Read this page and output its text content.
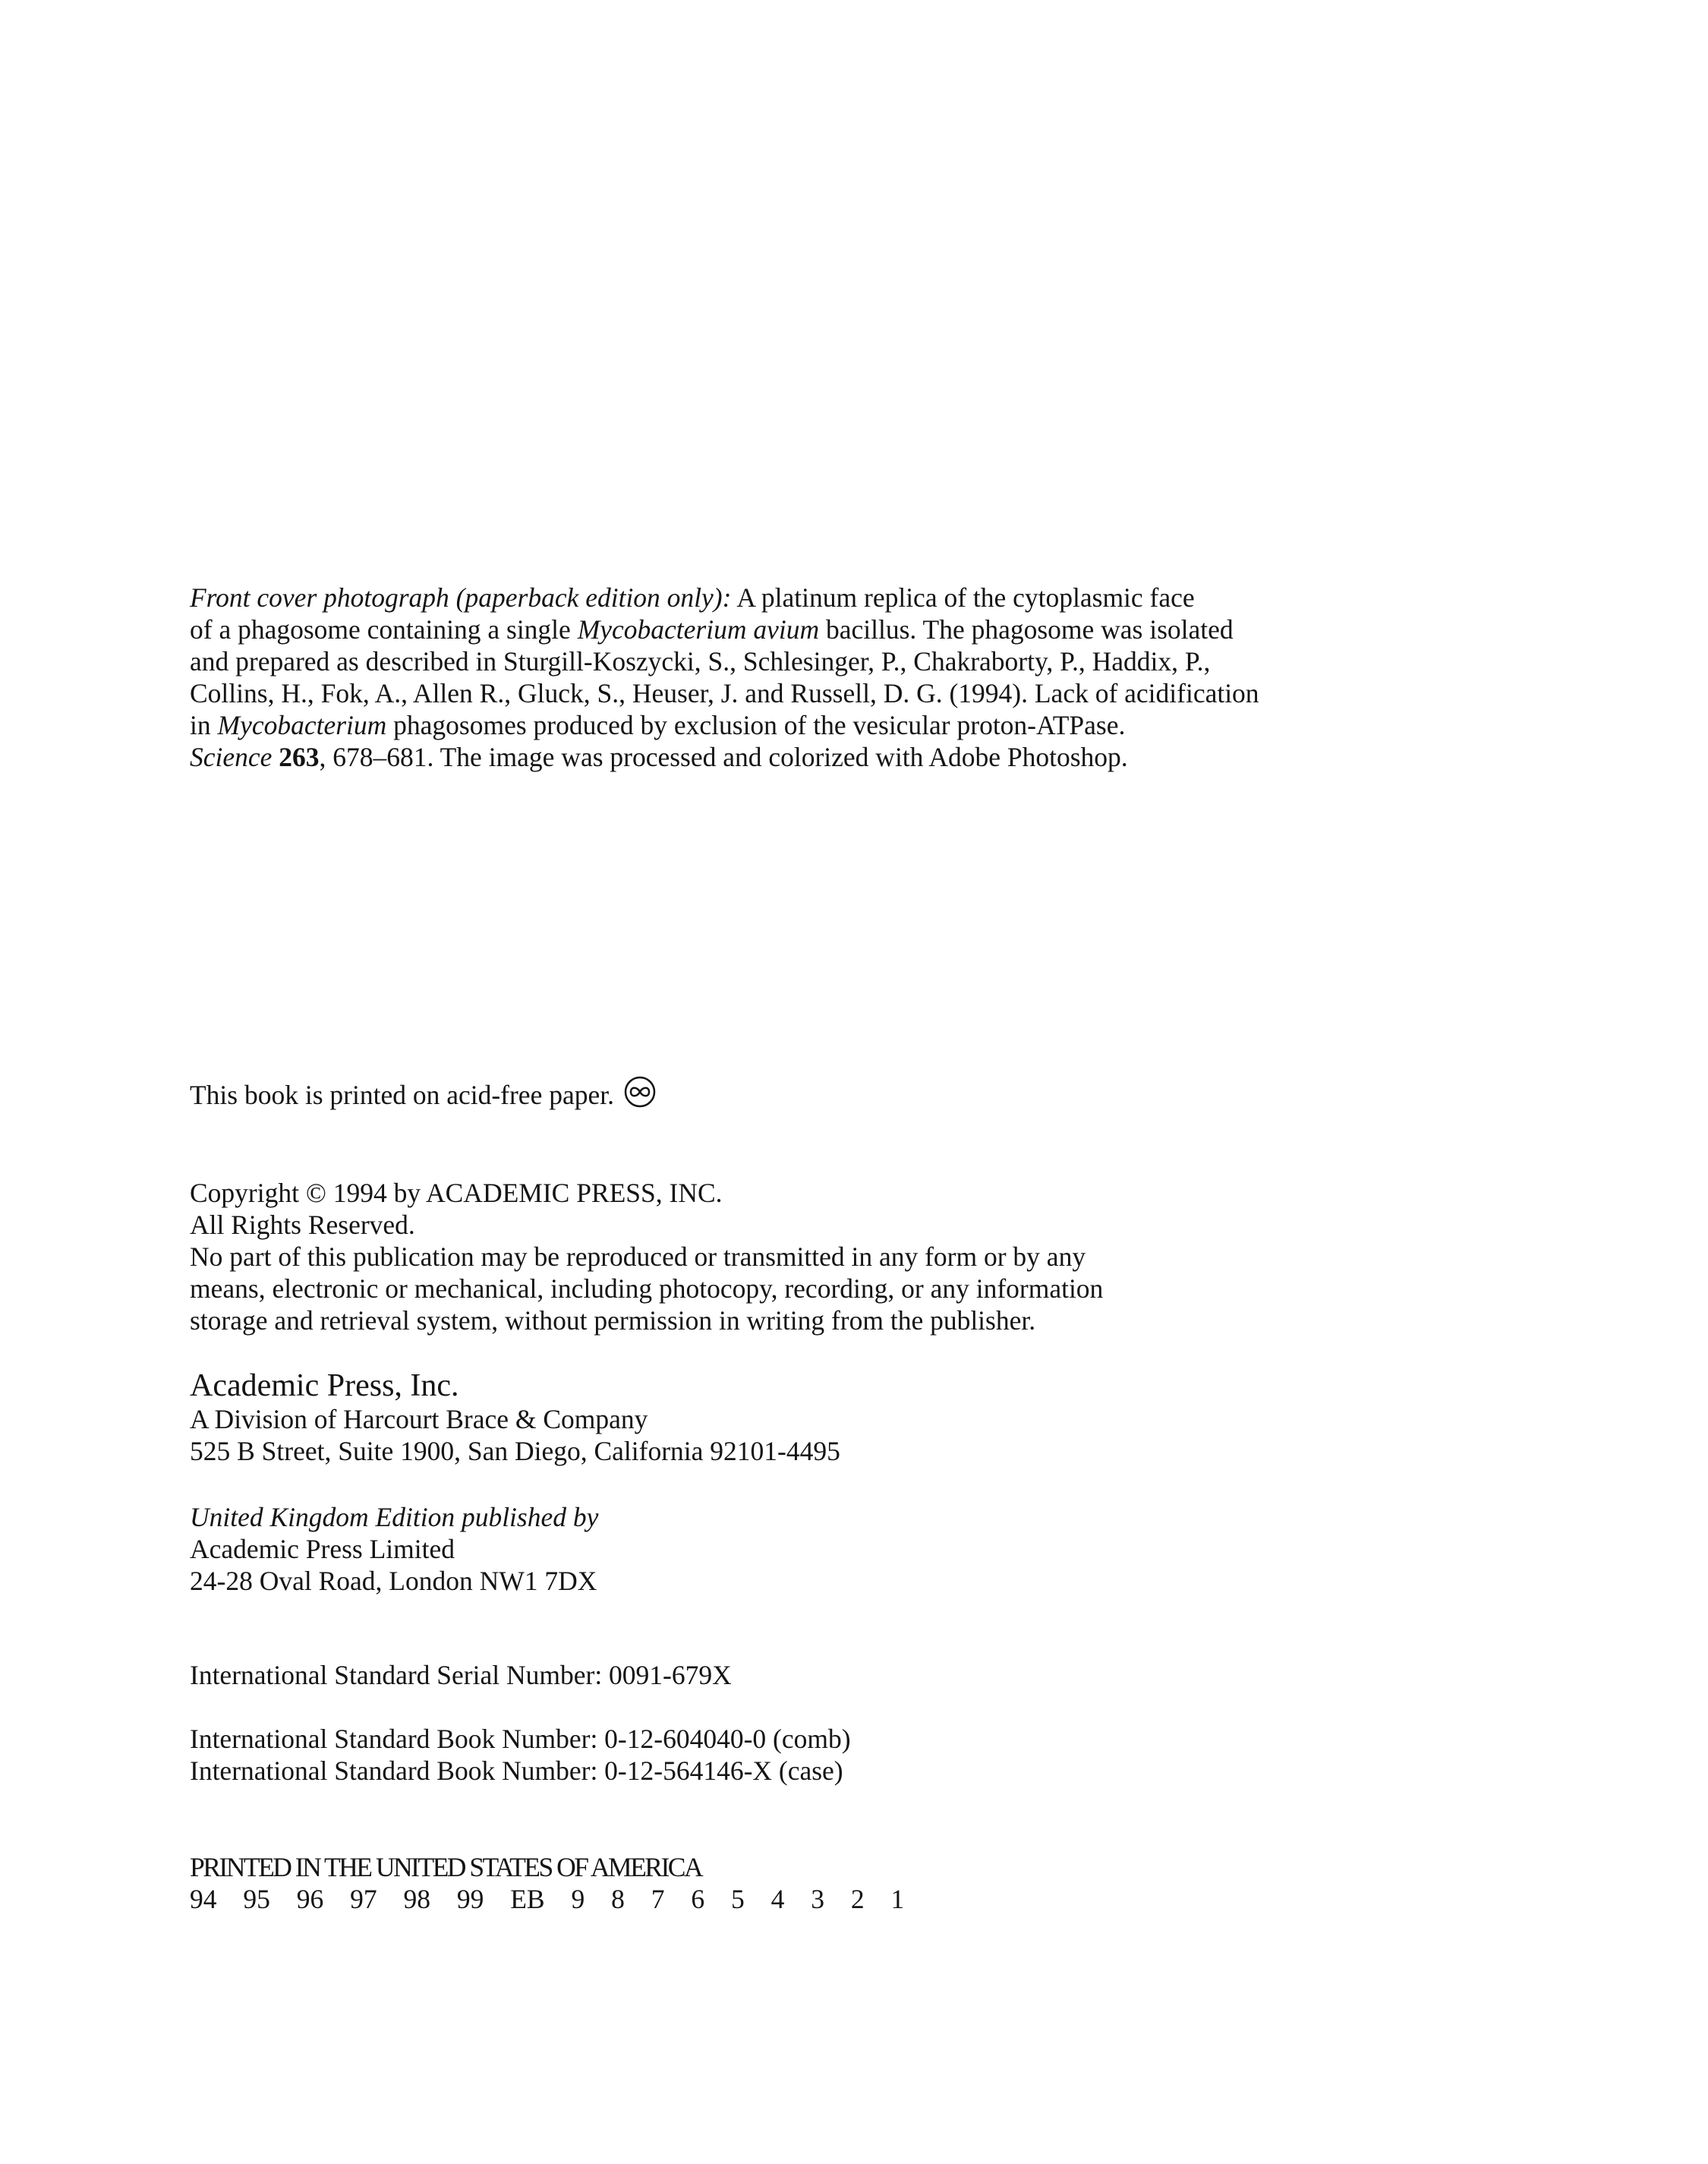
Front cover photograph (paperback edition only): A platinum replica of the cytoplasmic face
of a phagosome containing a single Mycobacterium avium bacillus. The phagosome was isolated
and prepared as described in Sturgill-Koszycki, S., Schlesinger, P., Chakraborty, P., Haddix, P.,
Collins, H., Fok, A., Allen R., Gluck, S., Heuser, J. and Russell, D. G. (1994). Lack of acidification
in Mycobacterium phagosomes produced by exclusion of the vesicular proton-ATPase.
Science 263, 678–681. The image was processed and colorized with Adobe Photoshop.
This book is printed on acid-free paper.
Copyright © 1994 by ACADEMIC PRESS, INC.
All Rights Reserved.
No part of this publication may be reproduced or transmitted in any form or by any
means, electronic or mechanical, including photocopy, recording, or any information
storage and retrieval system, without permission in writing from the publisher.
Academic Press, Inc.
A Division of Harcourt Brace & Company
525 B Street, Suite 1900, San Diego, California 92101-4495
United Kingdom Edition published by
Academic Press Limited
24-28 Oval Road, London NW1 7DX
International Standard Serial Number: 0091-679X
International Standard Book Number: 0-12-604040-0 (comb)
International Standard Book Number: 0-12-564146-X (case)
PRINTED IN THE UNITED STATES OF AMERICA
94 95 96 97 98 99 EB 9 8 7 6 5 4 3 2 1
